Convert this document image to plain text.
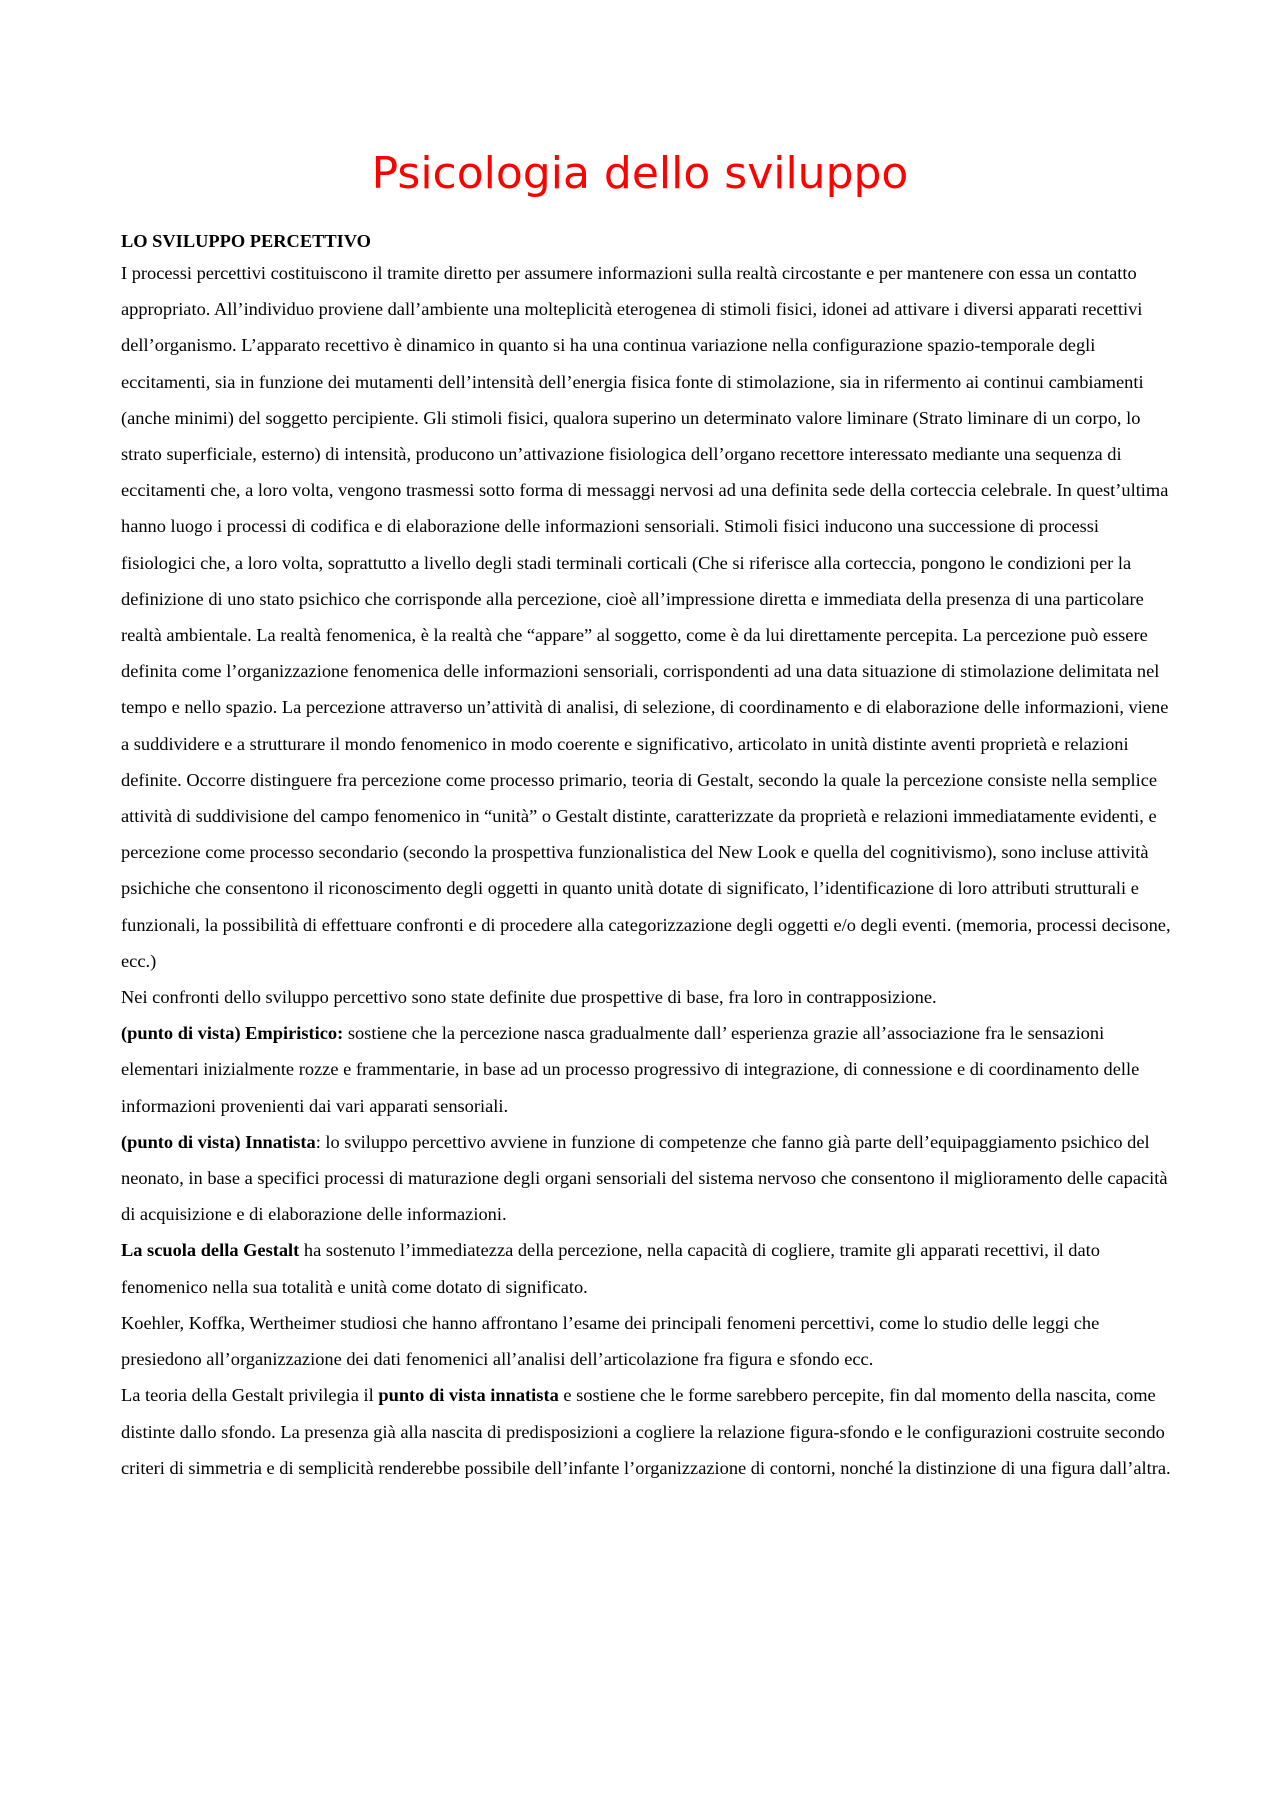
Psicologia dello sviluppo

LO SVILUPPO PERCETTIVO

I processi percettivi costituiscono il tramite diretto per assumere informazioni sulla realtà circostante e per mantenere con essa un contatto appropriato. All’individuo proviene dall’ambiente una molteplicità eterogenea di stimoli fisici, idonei ad attivare i diversi apparati recettivi dell’organismo. L’apparato recettivo è dinamico in quanto si ha una continua variazione nella configurazione spazio-temporale degli eccitamenti, sia in funzione dei mutamenti dell’intensità dell’energia fisica fonte di stimolazione, sia in rifermento ai continui cambiamenti (anche minimi) del soggetto percipiente. Gli stimoli fisici, qualora superino un determinato valore liminare (Strato liminare di un corpo, lo strato superficiale, esterno) di intensità, producono un’attivazione fisiologica dell’organo recettore interessato mediante una sequenza di eccitamenti che, a loro volta, vengono trasmessi sotto forma di messaggi nervosi ad una definita sede della corteccia celebrale. In quest’ultima hanno luogo i processi di codifica e di elaborazione delle informazioni sensoriali. Stimoli fisici inducono una successione di processi fisiologici che, a loro volta, soprattutto a livello degli stadi terminali corticali (Che si riferisce alla corteccia, pongono le condizioni per la definizione di uno stato psichico che corrisponde alla percezione, cioè all’impressione diretta e immediata della presenza di una particolare realtà ambientale. La realtà fenomenica, è la realtà che “appare” al soggetto, come è da lui direttamente percepita. La percezione può essere definita come l’organizzazione fenomenica delle informazioni sensoriali, corrispondenti ad una data situazione di stimolazione delimitata nel tempo e nello spazio. La percezione attraverso un’attività di analisi, di selezione, di coordinamento e di elaborazione delle informazioni, viene a suddividere e a strutturare il mondo fenomenico in modo coerente e significativo, articolato in unità distinte aventi proprietà e relazioni definite. Occorre distinguere fra percezione come processo primario, teoria di Gestalt, secondo la quale la percezione consiste nella semplice attività di suddivisione del campo fenomenico in “unità” o Gestalt distinte, caratterizzate da proprietà e relazioni immediatamente evidenti, e percezione come processo secondario (secondo la prospettiva funzionalistica del New Look e quella del cognitivismo), sono incluse attività psichiche che consentono il riconoscimento degli oggetti in quanto unità dotate di significato, l’identificazione di loro attributi strutturali e funzionali, la possibilità di effettuare confronti e di procedere alla categorizzazione degli oggetti e/o degli eventi. (memoria, processi decisone, ecc.)

Nei confronti dello sviluppo percettivo sono state definite due prospettive di base, fra loro in contrapposizione.

(punto di vista) Empiristico: sostiene che la percezione nasca gradualmente dall’ esperienza grazie all’associazione fra le sensazioni elementari inizialmente rozze e frammentarie, in base ad un processo progressivo di integrazione, di connessione e di coordinamento delle informazioni provenienti dai vari apparati sensoriali.

(punto di vista) Innatista: lo sviluppo percettivo avviene in funzione di competenze che fanno già parte dell’equipaggiamento psichico del neonato, in base a specifici processi di maturazione degli organi sensoriali del sistema nervoso che consentono il miglioramento delle capacità di acquisizione e di elaborazione delle informazioni.

La scuola della Gestalt ha sostenuto l’immediatezza della percezione, nella capacità di cogliere, tramite gli apparati recettivi, il dato fenomenico nella sua totalità e unità come dotato di significato.

Koehler, Koffka, Wertheimer studiosi che hanno affrontano l’esame dei principali fenomeni percettivi, come lo studio delle leggi che presiedono all’organizzazione dei dati fenomenici all’analisi dell’articolazione fra figura e sfondo ecc.

La teoria della Gestalt privilegia il punto di vista innatista e sostiene che le forme sarebbero percepite, fin dal momento della nascita, come distinte dallo sfondo. La presenza già alla nascita di predisposizioni a cogliere la relazione figura-sfondo e le configurazioni costruite secondo criteri di simmetria e di semplicità renderebbe possibile dell’infante l’organizzazione di contorni, nonché la distinzione di una figura dall’altra.
